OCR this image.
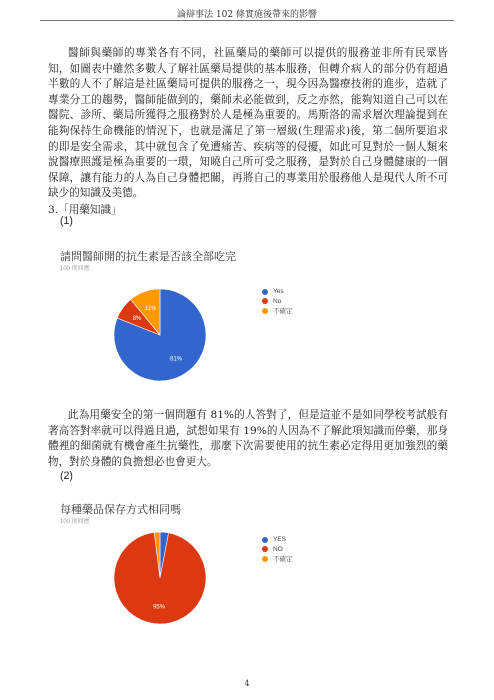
論辯事法 102 條實施後帶來的影響

醫師與藥師的專業各有不同，社區藥局的藥師可以提供的服務並非所有民眾皆知，如圖表中雖然多數人了解社區藥局提供的基本服務，但轉介病人的部分仍有超過半數的人不了解這是社區藥局可提供的服務之一，現今因為醫療技術的進步，造就了專業分工的趨勢，醫師能做到的，藥師未必能做到，反之亦然，能夠知道自己可以在醫院、診所、藥局所獲得之服務對於人是極為重要的。馬斯洛的需求層次理論提到在能夠保持生命機能的情況下，也就是滿足了第一層級(生理需求)後，第二個所要追求的即是安全需求，其中就包含了免遭痛苦、疾病等的侵擾，如此可見對於一個人類來說醫療照護是極為重要的一環，知曉自己所可受之服務，是對於自己身體健康的一個保障，讓有能力的人為自己身體把關，再將自己的專業用於服務他人是現代人所不可缺少的知識及美德。

3.「用藥知識」
(1)
請問醫師開的抗生素是否該全部吃完
100 則回應
81%
8%
11%
Yes
No
不確定

此為用藥安全的第一個問題有 81%的人答對了，但是這並不是如同學校考試般有著高答對率就可以得過且過，試想如果有 19%的人因為不了解此項知識而停藥，那身體裡的細菌就有機會產生抗藥性，那麼下次需要使用的抗生素必定得用更加強烈的藥物，對於身體的負擔想必也會更大。

(2)
每種藥品保存方式相同嗎
100 則回應
95%
YES
NO
不確定
4
